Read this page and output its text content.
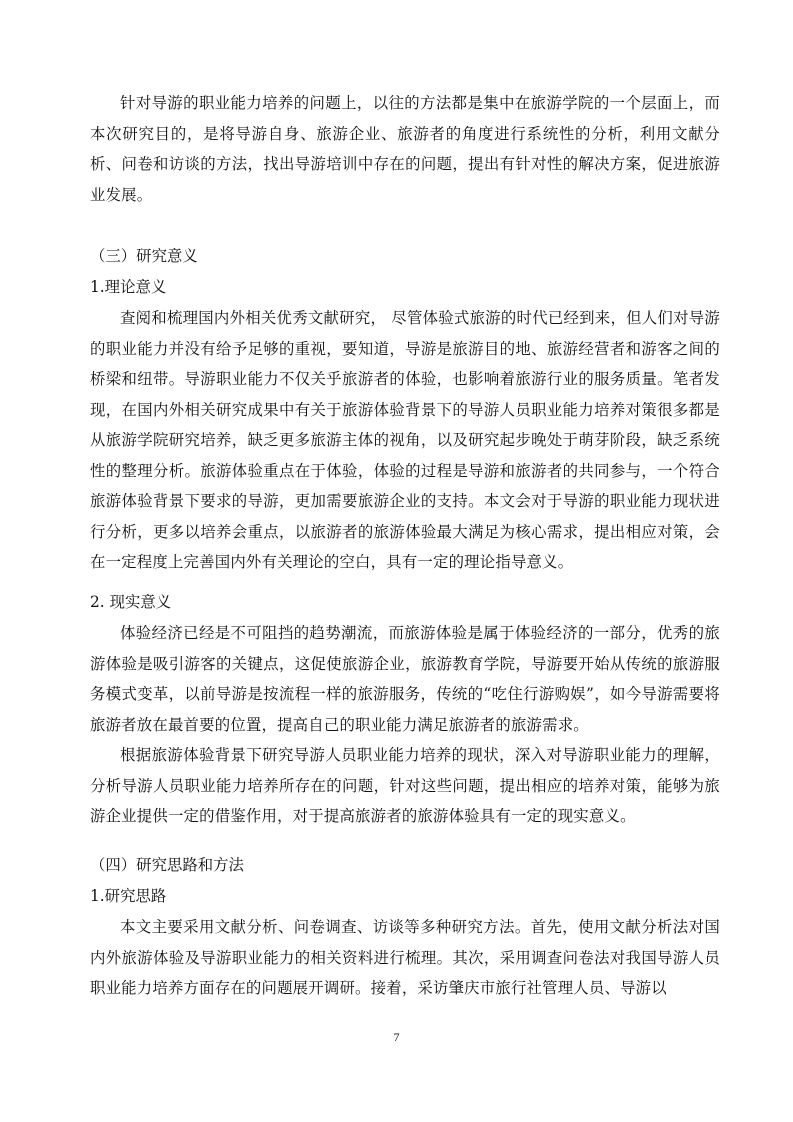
针对导游的职业能力培养的问题上，以往的方法都是集中在旅游学院的一个层面上，而本次研究目的，是将导游自身、旅游企业、旅游者的角度进行系统性的分析，利用文献分析、问卷和访谈的方法，找出导游培训中存在的问题，提出有针对性的解决方案，促进旅游业发展。

（三）研究意义

1.理论意义

查阅和梳理国内外相关优秀文献研究， 尽管体验式旅游的时代已经到来，但人们对导游的职业能力并没有给予足够的重视，要知道，导游是旅游目的地、旅游经营者和游客之间的桥梁和纽带。导游职业能力不仅关乎旅游者的体验，也影响着旅游行业的服务质量。笔者发现，在国内外相关研究成果中有关于旅游体验背景下的导游人员职业能力培养对策很多都是从旅游学院研究培养，缺乏更多旅游主体的视角，以及研究起步晚处于萌芽阶段，缺乏系统性的整理分析。旅游体验重点在于体验，体验的过程是导游和旅游者的共同参与，一个符合旅游体验背景下要求的导游，更加需要旅游企业的支持。本文会对于导游的职业能力现状进行分析，更多以培养会重点，以旅游者的旅游体验最大满足为核心需求，提出相应对策，会在一定程度上完善国内外有关理论的空白，具有一定的理论指导意义。

2. 现实意义

体验经济已经是不可阻挡的趋势潮流，而旅游体验是属于体验经济的一部分，优秀的旅游体验是吸引游客的关键点，这促使旅游企业，旅游教育学院，导游要开始从传统的旅游服务模式变革，以前导游是按流程一样的旅游服务，传统的“吃住行游购娱”，如今导游需要将旅游者放在最首要的位置，提高自己的职业能力满足旅游者的旅游需求。

根据旅游体验背景下研究导游人员职业能力培养的现状，深入对导游职业能力的理解，分析导游人员职业能力培养所存在的问题，针对这些问题，提出相应的培养对策，能够为旅游企业提供一定的借鉴作用，对于提高旅游者的旅游体验具有一定的现实意义。

（四）研究思路和方法

1.研究思路

本文主要采用文献分析、问卷调查、访谈等多种研究方法。首先，使用文献分析法对国内外旅游体验及导游职业能力的相关资料进行梳理。其次，采用调查问卷法对我国导游人员职业能力培养方面存在的问题展开调研。接着，采访肇庆市旅行社管理人员、导游以

7
